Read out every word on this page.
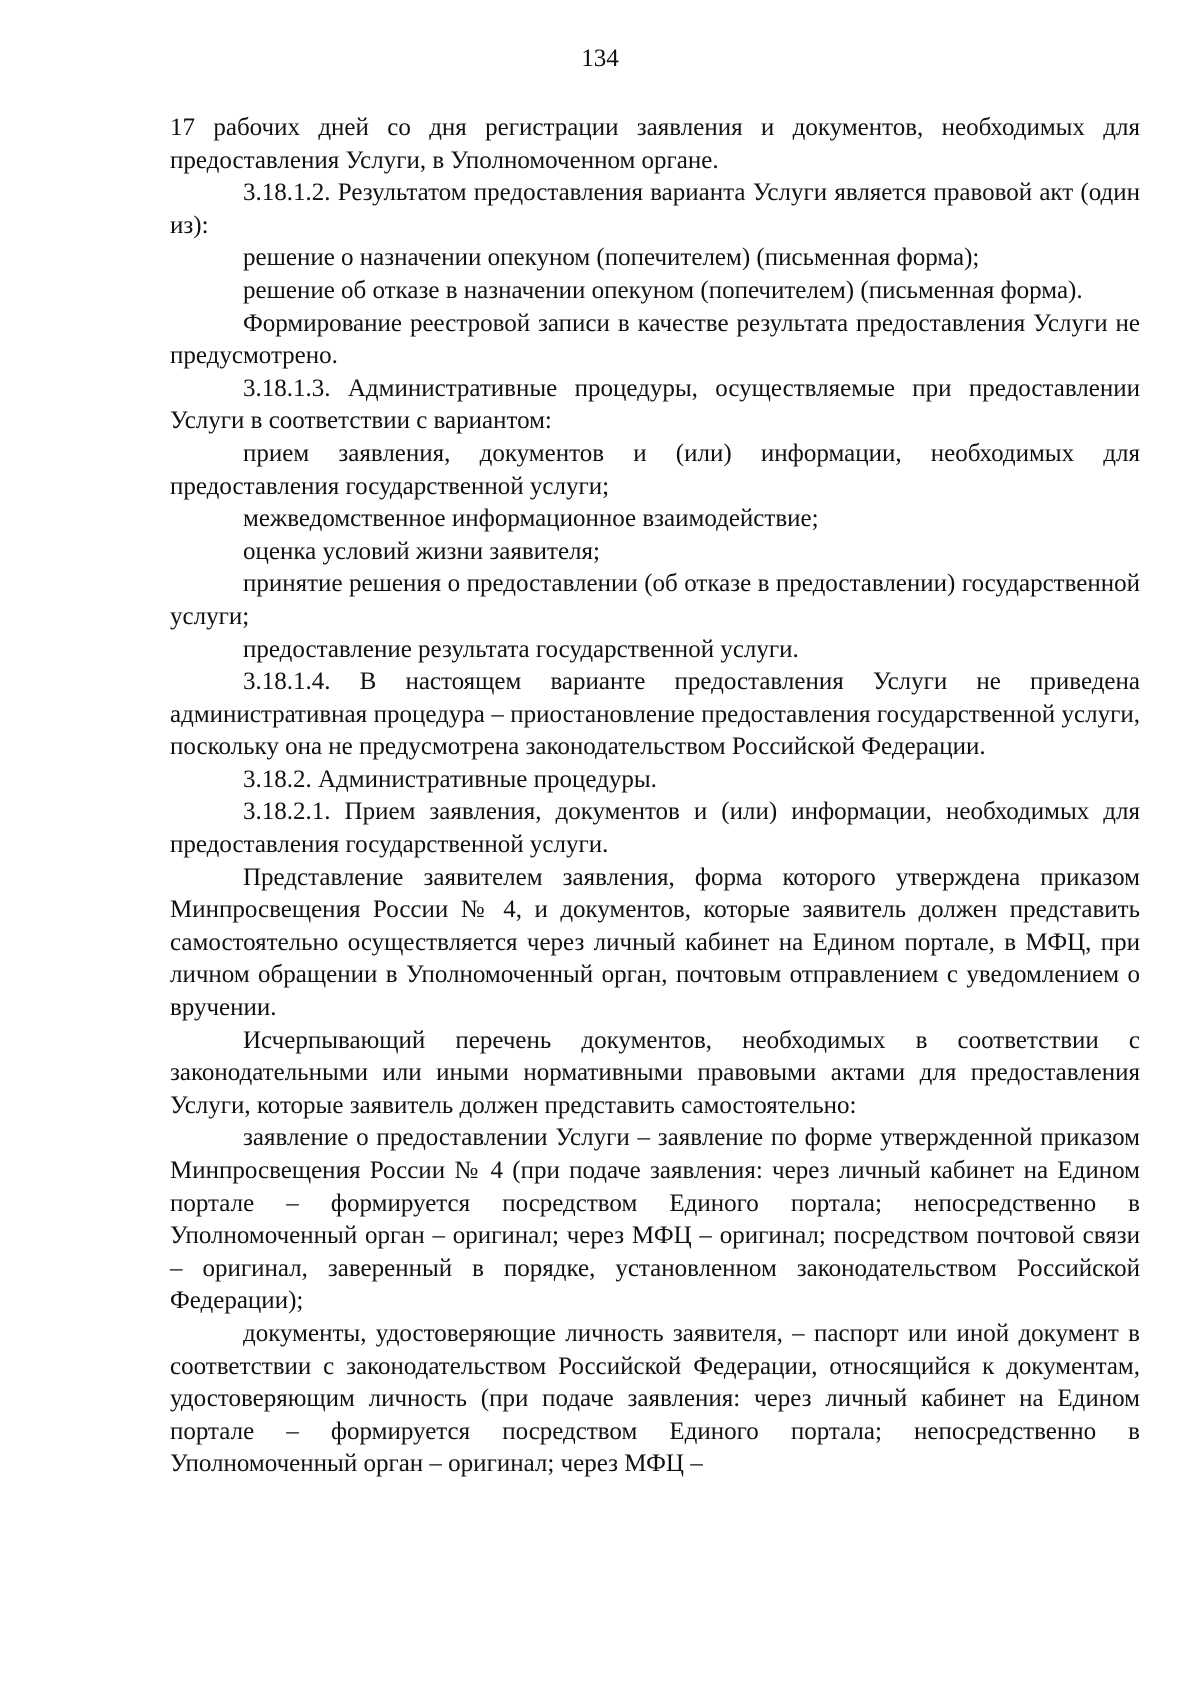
134

17 рабочих дней со дня регистрации заявления и документов, необходимых для предоставления Услуги, в Уполномоченном органе.

3.18.1.2. Результатом предоставления варианта Услуги является правовой акт (один из):

решение о назначении опекуном (попечителем) (письменная форма);

решение об отказе в назначении опекуном (попечителем) (письменная форма).

Формирование реестровой записи в качестве результата предоставления Услуги не предусмотрено.

3.18.1.3. Административные процедуры, осуществляемые при предоставлении Услуги в соответствии с вариантом:

прием заявления, документов и (или) информации, необходимых для предоставления государственной услуги;

межведомственное информационное взаимодействие;

оценка условий жизни заявителя;

принятие решения о предоставлении (об отказе в предоставлении) государственной услуги;

предоставление результата государственной услуги.

3.18.1.4. В настоящем варианте предоставления Услуги не приведена административная процедура – приостановление предоставления государственной услуги, поскольку она не предусмотрена законодательством Российской Федерации.

3.18.2. Административные процедуры.

3.18.2.1. Прием заявления, документов и (или) информации, необходимых для предоставления государственной услуги.

Представление заявителем заявления, форма которого утверждена приказом Минпросвещения России № 4, и документов, которые заявитель должен представить самостоятельно осуществляется через личный кабинет на Едином портале, в МФЦ, при личном обращении в Уполномоченный орган, почтовым отправлением с уведомлением о вручении.

Исчерпывающий перечень документов, необходимых в соответствии с законодательными или иными нормативными правовыми актами для предоставления Услуги, которые заявитель должен представить самостоятельно:

заявление о предоставлении Услуги – заявление по форме утвержденной приказом Минпросвещения России № 4 (при подаче заявления: через личный кабинет на Едином портале – формируется посредством Единого портала; непосредственно в Уполномоченный орган – оригинал; через МФЦ – оригинал; посредством почтовой связи – оригинал, заверенный в порядке, установленном законодательством Российской Федерации);

документы, удостоверяющие личность заявителя, – паспорт или иной документ в соответствии с законодательством Российской Федерации, относящийся к документам, удостоверяющим личность (при подаче заявления: через личный кабинет на Едином портале – формируется посредством Единого портала; непосредственно в Уполномоченный орган – оригинал; через МФЦ –
